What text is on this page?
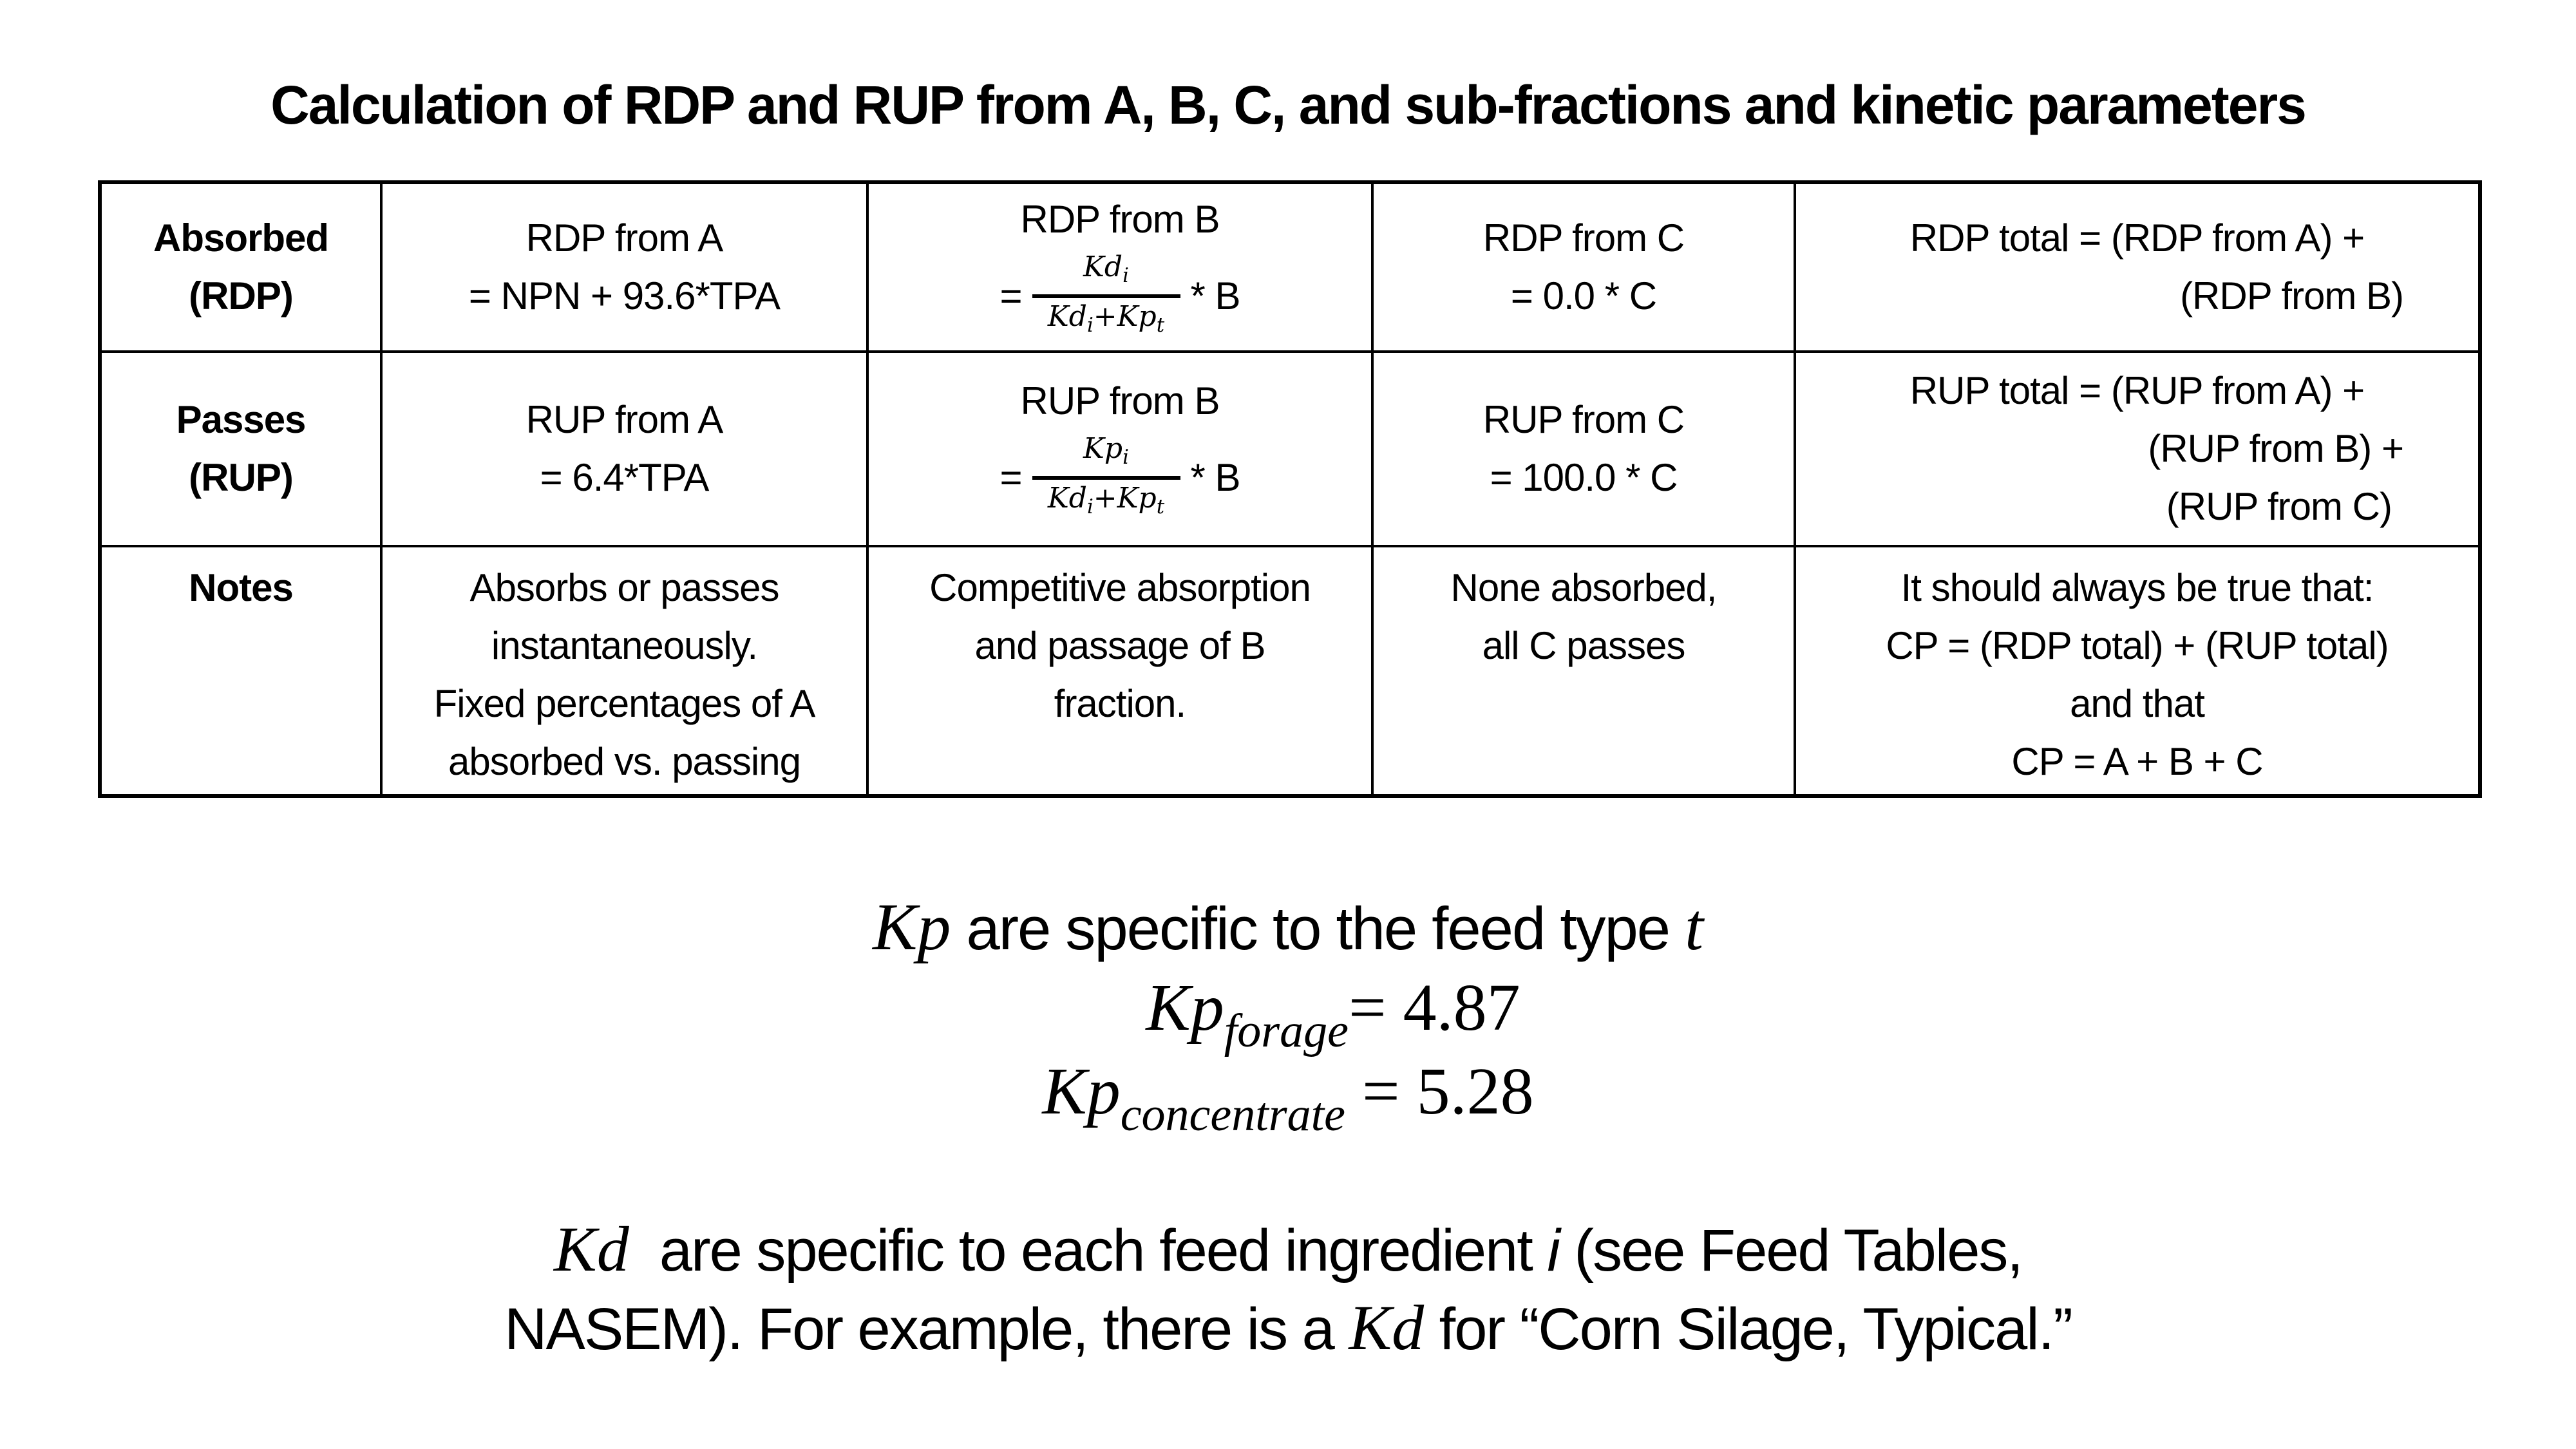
Calculation of RDP and RUP from A, B, C, and sub-fractions and kinetic parameters
Absorbed
(RDP)	RDP from A
= NPN + 93.6*TPA	RDP from B
=
$Kd_i$
$Kd_i+Kp_t$
* B	RDP from C
= 0.0 * C	RDP total = (RDP from A) +
(RDP from B)

Passes
(RUP)	RUP from A
= 6.4*TPA	RUP from B
=
$Kp_i$
$Kd_i+Kp_t$
* B	RUP from C
= 100.0 * C	RUP total = (RUP from A) +
(RUP from B) +
(RUP from C)

Notes	Absorbs or passes
instantaneously.
Fixed percentages of A
absorbed vs. passing	Competitive absorption
and passage of B
fraction.	None absorbed,
all C passes	It should always be true that:
CP = (RDP total) + (RUP total)
and that
CP = A + B + C
Kp are specific to the feed type t
$Kp_{forage}= 4.87$
$Kp_{concentrate} = 5.28$
Kd  are specific to each feed ingredient i (see Feed Tables,
NASEM). For example, there is a Kd for “Corn Silage, Typical.”
